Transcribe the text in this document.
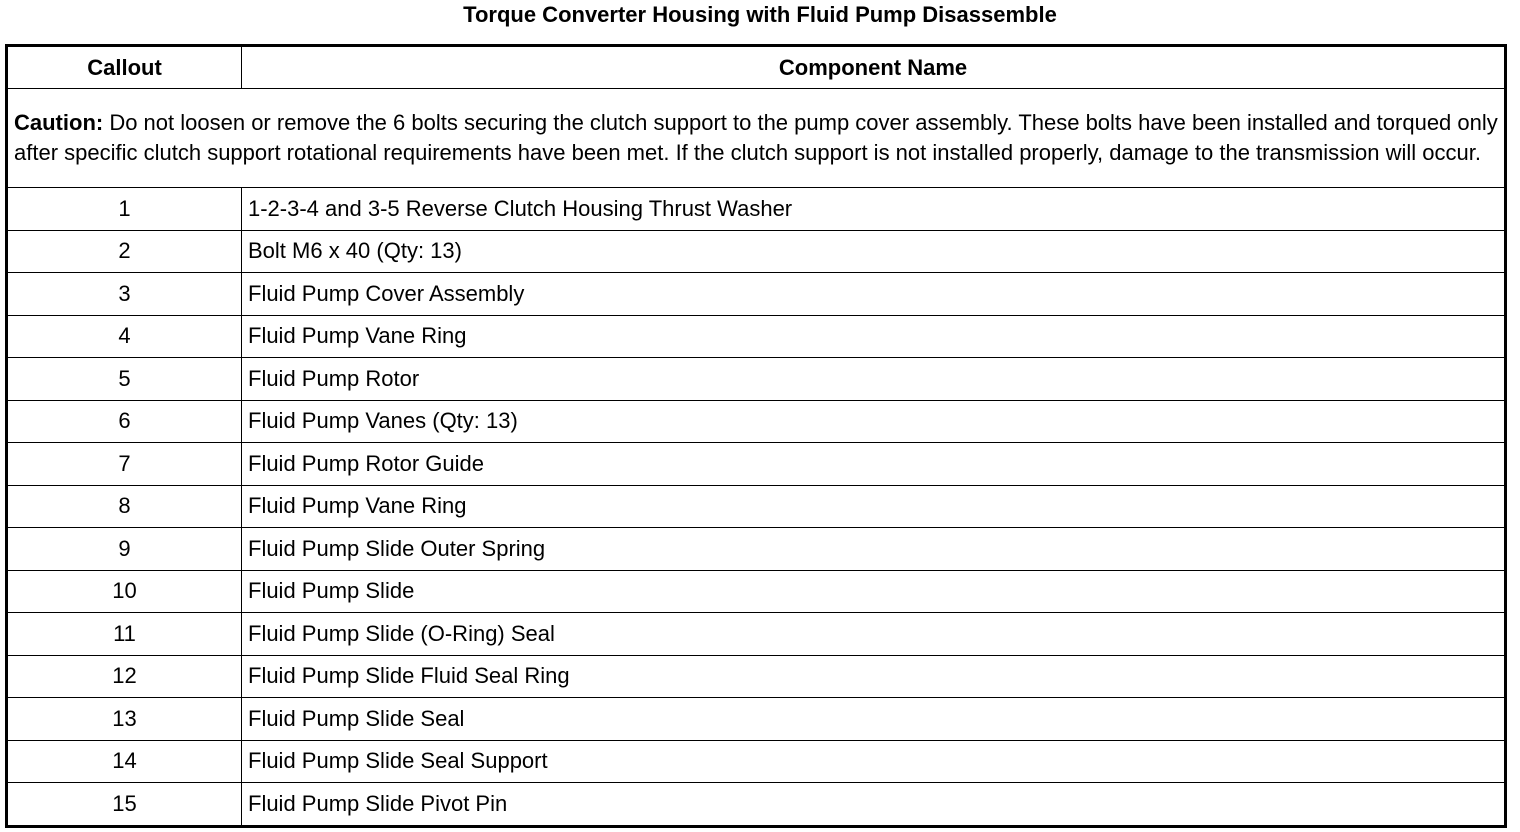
Torque Converter Housing with Fluid Pump Disassemble
Callout	Component Name
Caution: Do not loosen or remove the 6 bolts securing the clutch support to the pump cover assembly. These bolts have been installed and torqued only after specific clutch support rotational requirements have been met. If the clutch support is not installed properly, damage to the transmission will occur.	
1	1-2-3-4 and 3-5 Reverse Clutch Housing Thrust Washer
2	Bolt M6 x 40 (Qty: 13)
3	Fluid Pump Cover Assembly
4	Fluid Pump Vane Ring
5	Fluid Pump Rotor
6	Fluid Pump Vanes (Qty: 13)
7	Fluid Pump Rotor Guide
8	Fluid Pump Vane Ring
9	Fluid Pump Slide Outer Spring
10	Fluid Pump Slide
11	Fluid Pump Slide (O-Ring) Seal
12	Fluid Pump Slide Fluid Seal Ring
13	Fluid Pump Slide Seal
14	Fluid Pump Slide Seal Support
15	Fluid Pump Slide Pivot Pin
